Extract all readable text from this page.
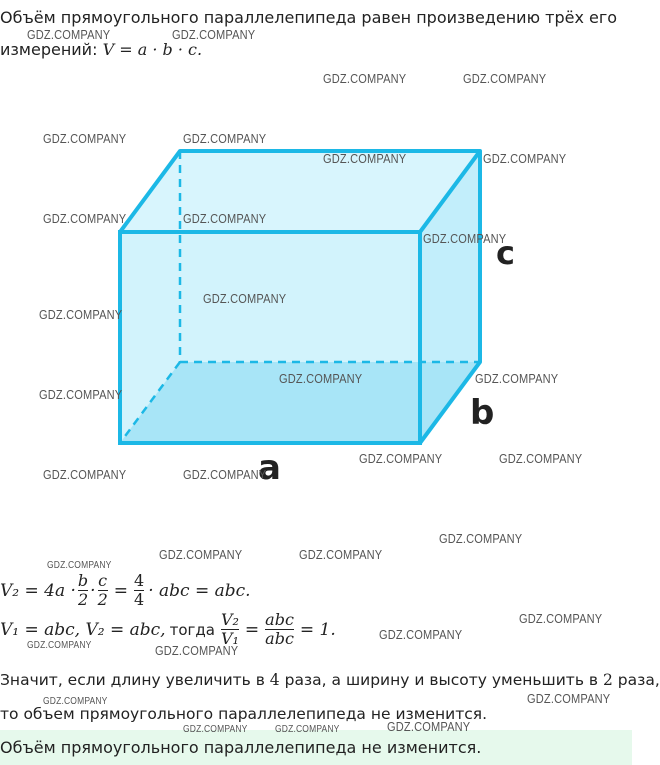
Объём прямоугольного параллелепипеда равен произведению трёх его
измерений: V = a · b · c.
c
b
a
$V_2 = 4a \cdot \frac{b}{2} \cdot \frac{c}{2} = \frac{4}{4}$ · abc = abc.
V₁ = abc, V₂ = abc, тогда $\frac{\text{V₂}}{\text{V₁}} = \frac{\text{abc}}{\text{abc}} = 1$.
Значит, если длину увеличить в 4 раза, а ширину и высоту уменьшить в 2 раза,
то объем прямоугольного параллелепипеда не изменится.
Объём прямоугольного параллелепипеда не изменится.
GDZ.COMPANY	GDZ.COMPANY
GDZ.COMPANY	GDZ.COMPANY
GDZ.COMPANY	GDZ.COMPANY
GDZ.COMPANY	GDZ.COMPANY
GDZ.COMPANY	GDZ.COMPANY
GDZ.COMPANY
GDZ.COMPANY
GDZ.COMPANY
GDZ.COMPANY	GDZ.COMPANY
GDZ.COMPANY
GDZ.COMPANY	GDZ.COMPANY
GDZ.COMPANY	GDZ.COMPANY
GDZ.COMPANY
GDZ.COMPANY	GDZ.COMPANY
GDZ.COMPANY
GDZ.COMPANY
GDZ.COMPANY
GDZ.COMPANY	GDZ.COMPANY
GDZ.COMPANY
GDZ.COMPANY
GDZ.COMPANY	GDZ.COMPANY	GDZ.COMPANY
